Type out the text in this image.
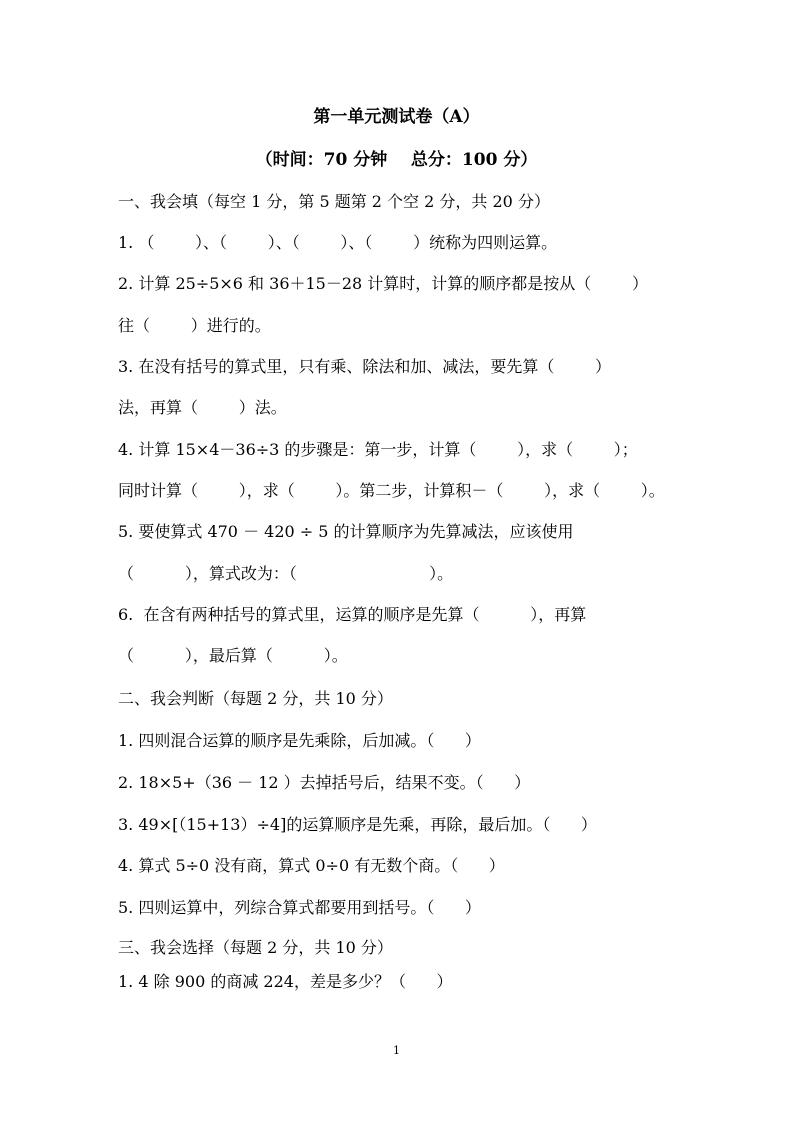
第一单元测试卷（A）
（时间：70 分钟    总分：100 分）
一、我会填（每空 1 分，第 5 题第 2 个空 2 分，共 20 分）
1. （        ）、（        ）、（        ）、（        ）统称为四则运算。
2. 计算 25÷5×6 和 36＋15－28 计算时，计算的顺序都是按从（        ）
往（        ）进行的。
3. 在没有括号的算式里，只有乘、除法和加、减法，要先算（        ）
法，再算（        ）法。
4. 计算 15×4－36÷3 的步骤是：第一步，计算（        ），求（        ）；
同时计算（        ），求（        ）。第二步，计算积－（        ），求（        ）。
5. 要使算式 470 － 420 ÷ 5 的计算顺序为先算减法，应该使用
（          ），算式改为：（                          ）。
6.  在含有两种括号的算式里，运算的顺序是先算（          ），再算
（          ），最后算（          ）。
二、我会判断（每题 2 分，共 10 分）
1. 四则混合运算的顺序是先乘除，后加减。（      ）
2. 18×5+（36 － 12 ）去掉括号后，结果不变。（      ）
3. 49×[（15+13）÷4]的运算顺序是先乘，再除，最后加。（      ）
4. 算式 5÷0 没有商，算式 0÷0 有无数个商。（      ）
5. 四则运算中，列综合算式都要用到括号。（      ）
三、我会选择（每题 2 分，共 10 分）
1. 4 除 900 的商减 224，差是多少？（      ）
1
